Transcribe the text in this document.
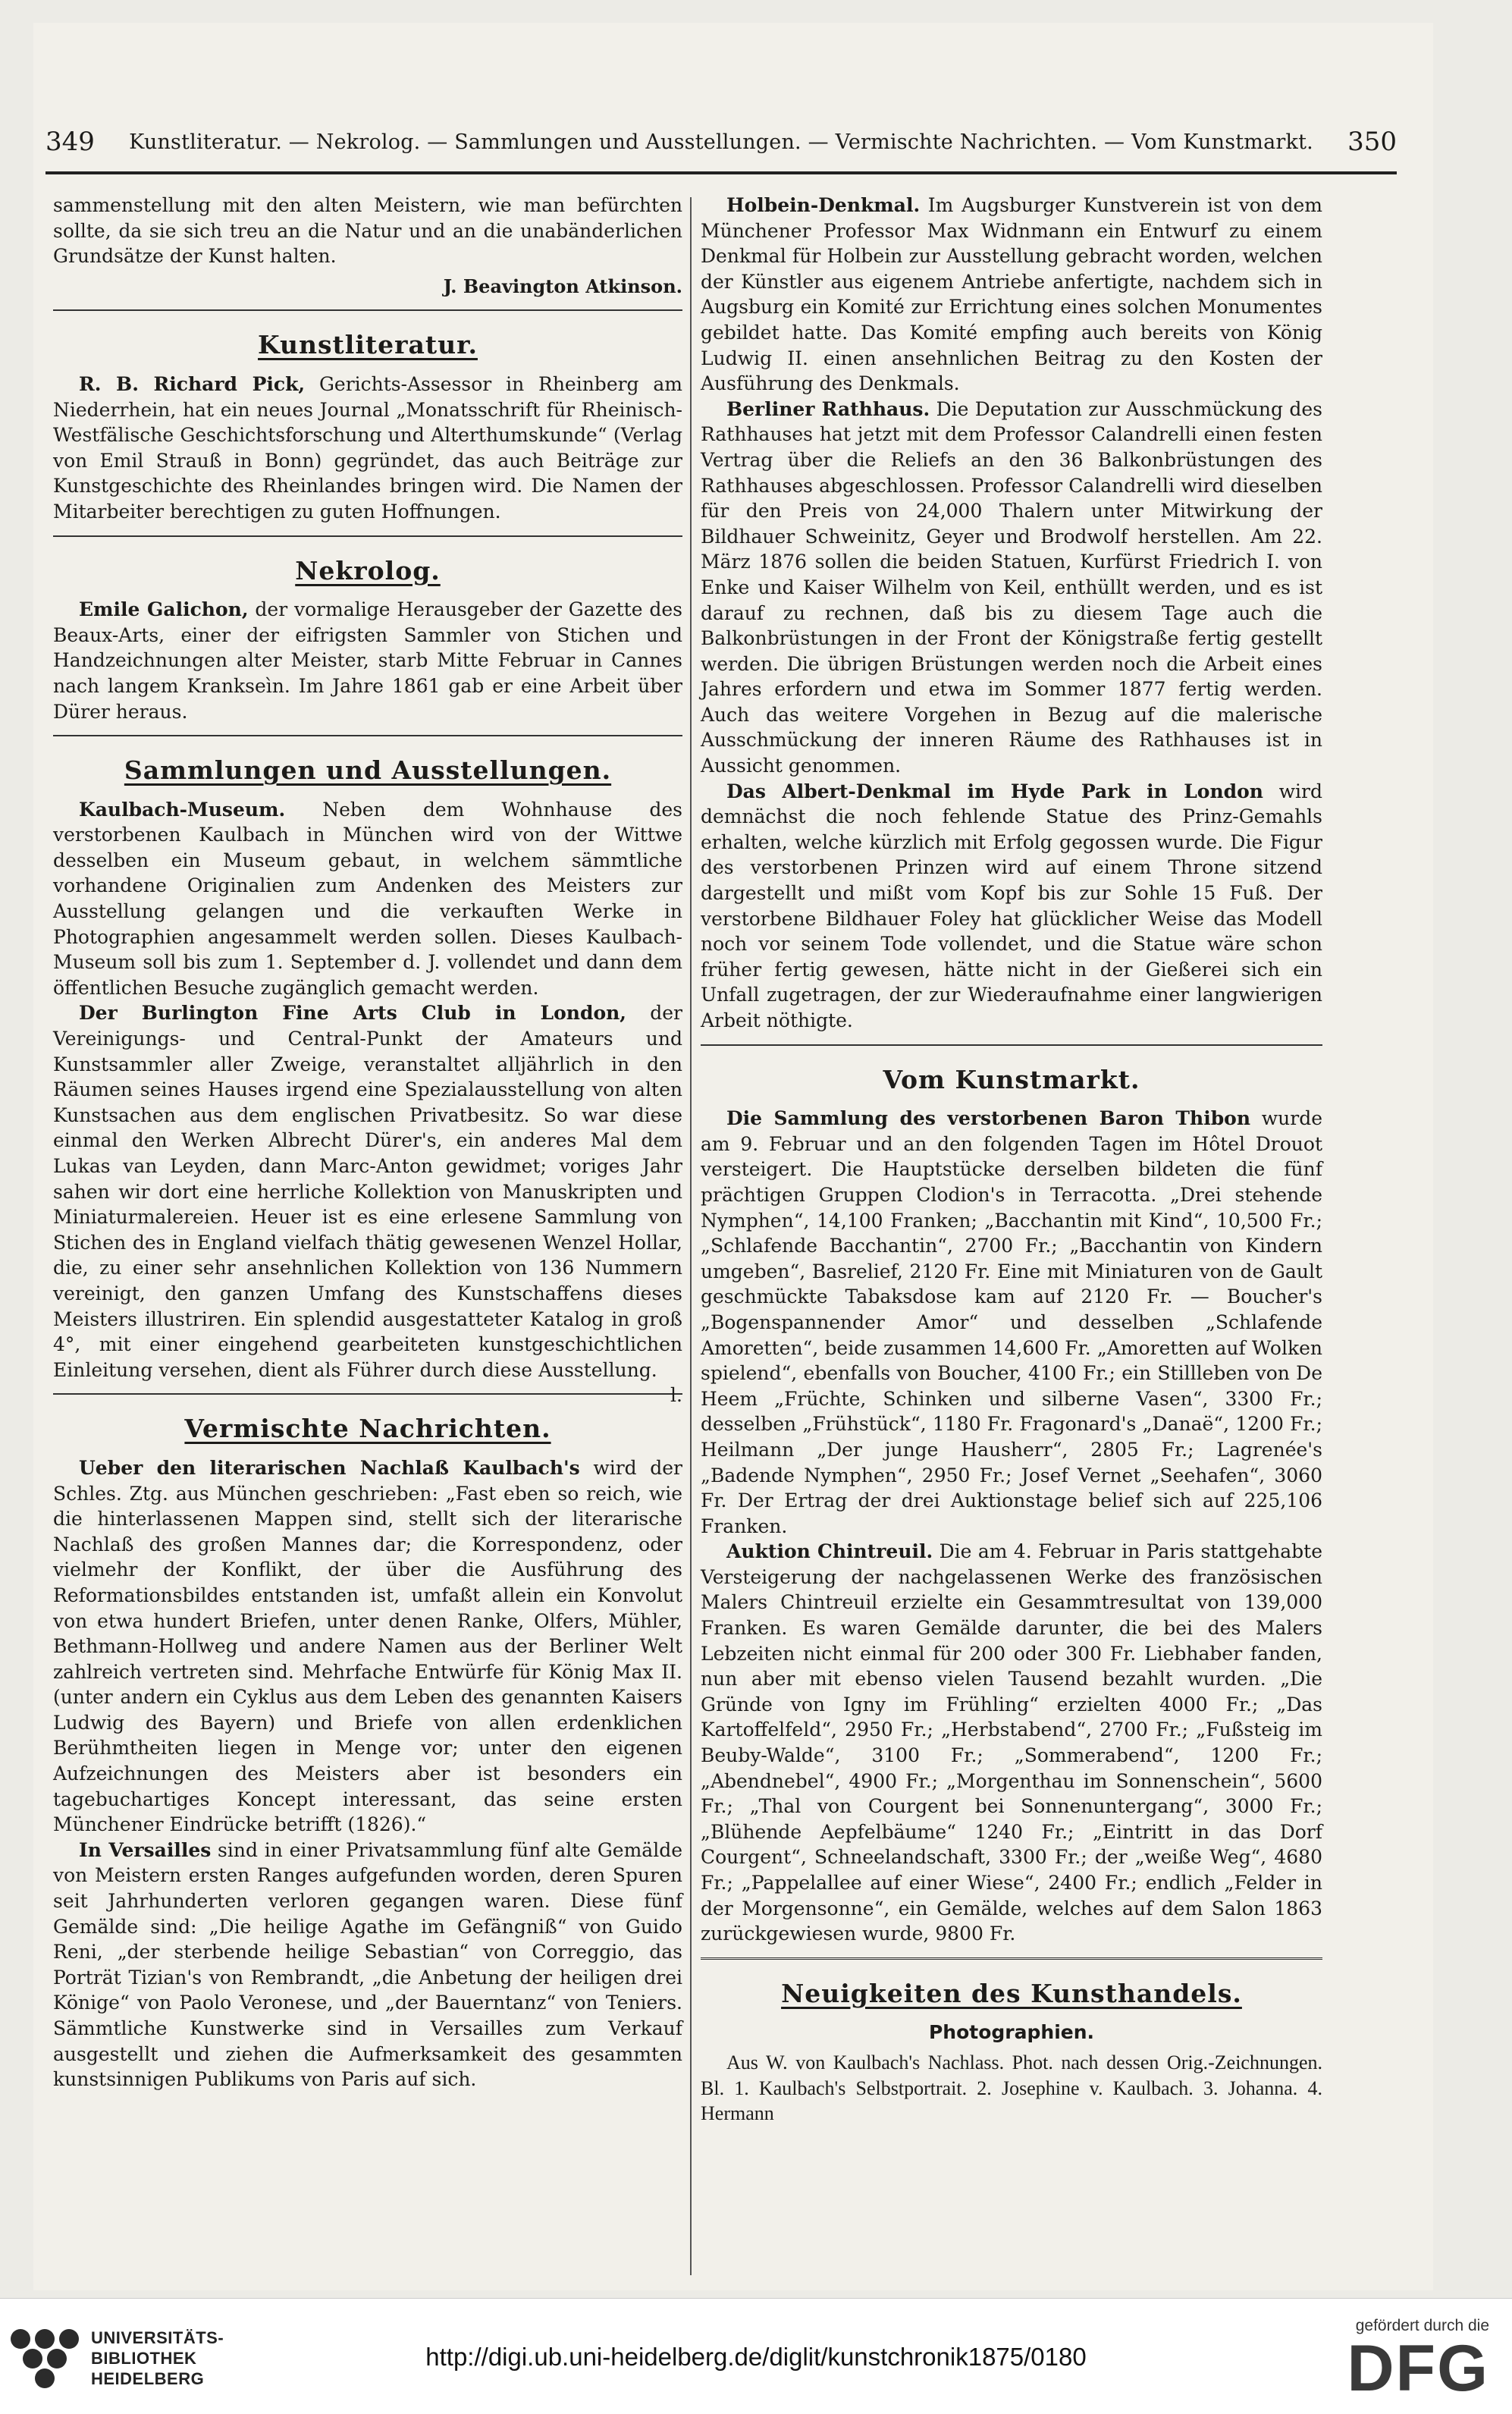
349	Kunstliteratur. — Nekrolog. — Sammlungen und Ausstellungen. — Vermischte Nachrichten. — Vom Kunstmarkt.	350

sammenstellung mit den alten Meistern, wie man befürchten sollte, da sie sich treu an die Natur und an die unabänderlichen Grundsätze der Kunst halten.

J. Beavington Atkinson.
Kunstliteratur.

R. B. Richard Pick, Gerichts-Assessor in Rheinberg am Niederrhein, hat ein neues Journal „Monatsschrift für Rheinisch-Westfälische Geschichtsforschung und Alterthumskunde“ (Verlag von Emil Strauß in Bonn) gegründet, das auch Beiträge zur Kunstgeschichte des Rheinlandes bringen wird. Die Namen der Mitarbeiter berechtigen zu guten Hoffnungen.

Nekrolog.

Emile Galichon, der vormalige Herausgeber der Gazette des Beaux-Arts, einer der eifrigsten Sammler von Stichen und Handzeichnungen alter Meister, starb Mitte Februar in Cannes nach langem Krankseìn. Im Jahre 1861 gab er eine Arbeit über Dürer heraus.

Sammlungen und Ausstellungen.

Kaulbach-Museum. Neben dem Wohnhause des verstorbenen Kaulbach in München wird von der Wittwe desselben ein Museum gebaut, in welchem sämmtliche vorhandene Originalien zum Andenken des Meisters zur Ausstellung gelangen und die verkauften Werke in Photographien angesammelt werden sollen. Dieses Kaulbach-Museum soll bis zum 1. September d. J. vollendet und dann dem öffentlichen Besuche zugänglich gemacht werden.

Der Burlington Fine Arts Club in London, der Vereinigungs- und Central-Punkt der Amateurs und Kunstsammler aller Zweige, veranstaltet alljährlich in den Räumen seines Hauses irgend eine Spezialausstellung von alten Kunstsachen aus dem englischen Privatbesitz. So war diese einmal den Werken Albrecht Dürer's, ein anderes Mal dem Lukas van Leyden, dann Marc-Anton gewidmet; voriges Jahr sahen wir dort eine herrliche Kollektion von Manuskripten und Miniaturmalereien. Heuer ist es eine erlesene Sammlung von Stichen des in England vielfach thätig gewesenen Wenzel Hollar, die, zu einer sehr ansehnlichen Kollektion von 136 Nummern vereinigt, den ganzen Umfang des Kunstschaffens dieses Meisters illustriren. Ein splendid ausgestatteter Katalog in groß 4°, mit einer eingehend gearbeiteten kunstgeschichtlichen Einleitung versehen, dient als Führer durch diese Ausstellung.
l.

Vermischte Nachrichten.

Ueber den literarischen Nachlaß Kaulbach's wird der Schles. Ztg. aus München geschrieben: „Fast eben so reich, wie die hinterlassenen Mappen sind, stellt sich der literarische Nachlaß des großen Mannes dar; die Korrespondenz, oder vielmehr der Konflikt, der über die Ausführung des Reformationsbildes entstanden ist, umfaßt allein ein Konvolut von etwa hundert Briefen, unter denen Ranke, Olfers, Mühler, Bethmann-Hollweg und andere Namen aus der Berliner Welt zahlreich vertreten sind. Mehrfache Entwürfe für König Max II. (unter andern ein Cyklus aus dem Leben des genannten Kaisers Ludwig des Bayern) und Briefe von allen erdenklichen Berühmtheiten liegen in Menge vor; unter den eigenen Aufzeichnungen des Meisters aber ist besonders ein tagebuchartiges Koncept interessant, das seine ersten Münchener Eindrücke betrifft (1826).“

In Versailles sind in einer Privatsammlung fünf alte Gemälde von Meistern ersten Ranges aufgefunden worden, deren Spuren seit Jahrhunderten verloren gegangen waren. Diese fünf Gemälde sind: „Die heilige Agathe im Gefängniß“ von Guido Reni, „der sterbende heilige Sebastian“ von Correggio, das Porträt Tizian's von Rembrandt, „die Anbetung der heiligen drei Könige“ von Paolo Veronese, und „der Bauerntanz“ von Teniers. Sämmtliche Kunstwerke sind in Versailles zum Verkauf ausgestellt und ziehen die Aufmerksamkeit des gesammten kunstsinnigen Publikums von Paris auf sich.

Holbein-Denkmal. Im Augsburger Kunstverein ist von dem Münchener Professor Max Widnmann ein Entwurf zu einem Denkmal für Holbein zur Ausstellung gebracht worden, welchen der Künstler aus eigenem Antriebe anfertigte, nachdem sich in Augsburg ein Komité zur Errichtung eines solchen Monumentes gebildet hatte. Das Komité empfing auch bereits von König Ludwig II. einen ansehnlichen Beitrag zu den Kosten der Ausführung des Denkmals.

Berliner Rathhaus. Die Deputation zur Ausschmückung des Rathhauses hat jetzt mit dem Professor Calandrelli einen festen Vertrag über die Reliefs an den 36 Balkonbrüstungen des Rathhauses abgeschlossen. Professor Calandrelli wird dieselben für den Preis von 24,000 Thalern unter Mitwirkung der Bildhauer Schweinitz, Geyer und Brodwolf herstellen. Am 22. März 1876 sollen die beiden Statuen, Kurfürst Friedrich I. von Enke und Kaiser Wilhelm von Keil, enthüllt werden, und es ist darauf zu rechnen, daß bis zu diesem Tage auch die Balkonbrüstungen in der Front der Königstraße fertig gestellt werden. Die übrigen Brüstungen werden noch die Arbeit eines Jahres erfordern und etwa im Sommer 1877 fertig werden. Auch das weitere Vorgehen in Bezug auf die malerische Ausschmückung der inneren Räume des Rathhauses ist in Aussicht genommen.

Das Albert-Denkmal im Hyde Park in London wird demnächst die noch fehlende Statue des Prinz-Gemahls erhalten, welche kürzlich mit Erfolg gegossen wurde. Die Figur des verstorbenen Prinzen wird auf einem Throne sitzend dargestellt und mißt vom Kopf bis zur Sohle 15 Fuß. Der verstorbene Bildhauer Foley hat glücklicher Weise das Modell noch vor seinem Tode vollendet, und die Statue wäre schon früher fertig gewesen, hätte nicht in der Gießerei sich ein Unfall zugetragen, der zur Wiederaufnahme einer langwierigen Arbeit nöthigte.

Vom Kunstmarkt.

Die Sammlung des verstorbenen Baron Thibon wurde am 9. Februar und an den folgenden Tagen im Hôtel Drouot versteigert. Die Hauptstücke derselben bildeten die fünf prächtigen Gruppen Clodion's in Terracotta. „Drei stehende Nymphen“, 14,100 Franken; „Bacchantin mit Kind“, 10,500 Fr.; „Schlafende Bacchantin“, 2700 Fr.; „Bacchantin von Kindern umgeben“, Basrelief, 2120 Fr. Eine mit Miniaturen von de Gault geschmückte Tabaksdose kam auf 2120 Fr. — Boucher's „Bogenspannender Amor“ und desselben „Schlafende Amoretten“, beide zusammen 14,600 Fr. „Amoretten auf Wolken spielend“, ebenfalls von Boucher, 4100 Fr.; ein Stillleben von De Heem „Früchte, Schinken und silberne Vasen“, 3300 Fr.; desselben „Frühstück“, 1180 Fr. Fragonard's „Danaë“, 1200 Fr.; Heilmann „Der junge Hausherr“, 2805 Fr.; Lagrenée's „Badende Nymphen“, 2950 Fr.; Josef Vernet „Seehafen“, 3060 Fr. Der Ertrag der drei Auktionstage belief sich auf 225,106 Franken.

Auktion Chintreuil. Die am 4. Februar in Paris stattgehabte Versteigerung der nachgelassenen Werke des französischen Malers Chintreuil erzielte ein Gesammtresultat von 139,000 Franken. Es waren Gemälde darunter, die bei des Malers Lebzeiten nicht einmal für 200 oder 300 Fr. Liebhaber fanden, nun aber mit ebenso vielen Tausend bezahlt wurden. „Die Gründe von Igny im Frühling“ erzielten 4000 Fr.; „Das Kartoffelfeld“, 2950 Fr.; „Herbstabend“, 2700 Fr.; „Fußsteig im Beuby-Walde“, 3100 Fr.; „Sommerabend“, 1200 Fr.; „Abendnebel“, 4900 Fr.; „Morgenthau im Sonnenschein“, 5600 Fr.; „Thal von Courgent bei Sonnenuntergang“, 3000 Fr.; „Blühende Aepfelbäume“ 1240 Fr.; „Eintritt in das Dorf Courgent“, Schneelandschaft, 3300 Fr.; der „weiße Weg“, 4680 Fr.; „Pappelallee auf einer Wiese“, 2400 Fr.; endlich „Felder in der Morgensonne“, ein Gemälde, welches auf dem Salon 1863 zurückgewiesen wurde, 9800 Fr.

Neuigkeiten des Kunsthandels.
Photographien.

Aus W. von Kaulbach's Nachlass. Phot. nach dessen Orig.-Zeichnungen. Bl. 1. Kaulbach's Selbstportrait. 2. Josephine v. Kaulbach. 3. Johanna. 4. Hermann

UNIVERSITÄTS-
BIBLIOTHEK
HEIDELBERG
http://digi.ub.uni-heidelberg.de/diglit/kunstchronik1875/0180
gefördert durch die
DFG
